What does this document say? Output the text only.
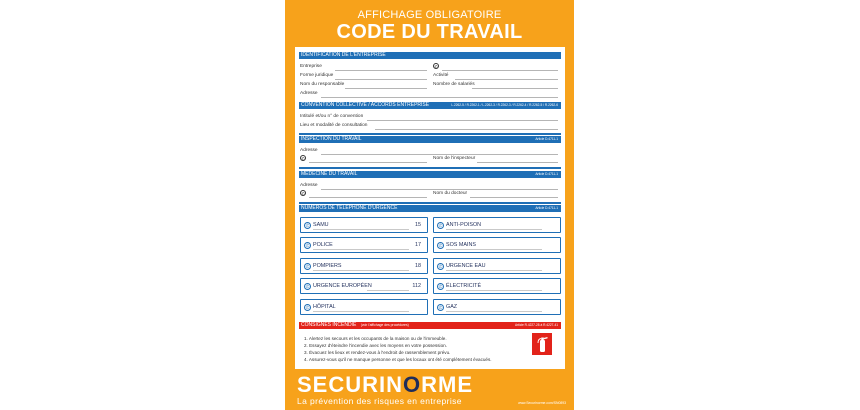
AFFICHAGE OBLIGATOIRE
CODE DU TRAVAIL
IDENTIFICATION DE L'ENTREPRISE
Entreprise	✆
Forme juridique	Activité
Nom du responsable	Nombre de salariés
Adresse
CONVENTION COLLECTIVE / ACCORDS ENTREPRISE	L.2262-5 / R.2262-1 / L.2262-3 / R.2262-3 / R.2262-4 / R.2262-5 / R.2262-6
Intitulé et/ou n° de convention
Lieu et modalité de consultation
INSPECTION DU TRAVAIL	Article D.4711-1
Adresse
✆	Nom de l'inspecteur
MÉDECINE DU TRAVAIL	Article D.4711-1
Adresse
✆	Nom du docteur
NUMÉROS DE TÉLÉPHONE D'URGENCE	Article D.4711-1
✆ SAMU	15	✆ ANTI-POISON
✆ POLICE	17	✆ SOS MAINS
✆ POMPIERS	18	✆ URGENCE EAU
✆ URGENCE EUROPÉEN	112	✆ ÉLECTRICITÉ
✆ HÔPITAL	✆ GAZ
CONSIGNES INCENDIE (voir l'affichage des procédures)	Article R.4227-28 à R.4227-41
1. Alertez les secours et les occupants de la maison ou de l'immeuble.
2. Essayez d'éteindre l'incendie avec les moyens en votre possession.
3. Évacuez les lieux et rendez-vous à l'endroit de rassemblement prévu.
4. Assurez-vous qu'il ne manque personne et que les locaux ont été complètement évacués.
SECURINORME
La prévention des risques en entreprise	www.Securinorme.com/SN0893
